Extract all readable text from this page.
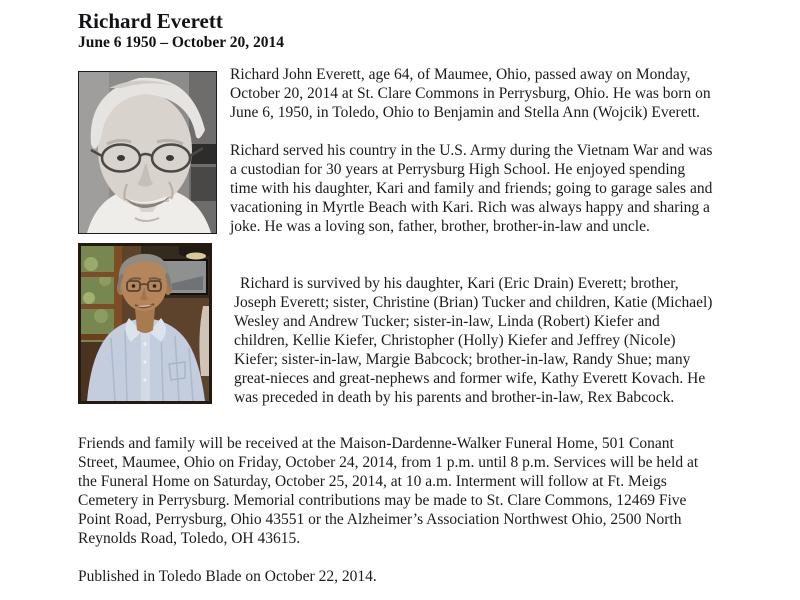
Richard Everett
June 6 1950 – October 20, 2014

Richard John Everett, age 64, of Maumee, Ohio, passed away on Monday, October 20, 2014 at St. Clare Commons in Perrysburg, Ohio. He was born on June 6, 1950, in Toledo, Ohio to Benjamin and Stella Ann (Wojcik) Everett.

Richard served his country in the U.S. Army during the Vietnam War and was a custodian for 30 years at Perrysburg High School. He enjoyed spending time with his daughter, Kari and family and friends; going to garage sales and vacationing in Myrtle Beach with Kari. Rich was always happy and sharing a joke. He was a loving son, father, brother, brother-in-law and uncle.

Richard is survived by his daughter, Kari (Eric Drain) Everett; brother, Joseph Everett; sister, Christine (Brian) Tucker and children, Katie (Michael) Wesley and Andrew Tucker; sister-in-law, Linda (Robert) Kiefer and children, Kellie Kiefer, Christopher (Holly) Kiefer and Jeffrey (Nicole) Kiefer; sister-in-law, Margie Babcock; brother-in-law, Randy Shue; many great-nieces and great-nephews and former wife, Kathy Everett Kovach. He was preceded in death by his parents and brother-in-law, Rex Babcock.

Friends and family will be received at the Maison-Dardenne-Walker Funeral Home, 501 Conant Street, Maumee, Ohio on Friday, October 24, 2014, from 1 p.m. until 8 p.m. Services will be held at the Funeral Home on Saturday, October 25, 2014, at 10 a.m. Interment will follow at Ft. Meigs Cemetery in Perrysburg. Memorial contributions may be made to St. Clare Commons, 12469 Five Point Road, Perrysburg, Ohio 43551 or the Alzheimer’s Association Northwest Ohio, 2500 North Reynolds Road, Toledo, OH 43615.

Published in Toledo Blade on October 22, 2014.
